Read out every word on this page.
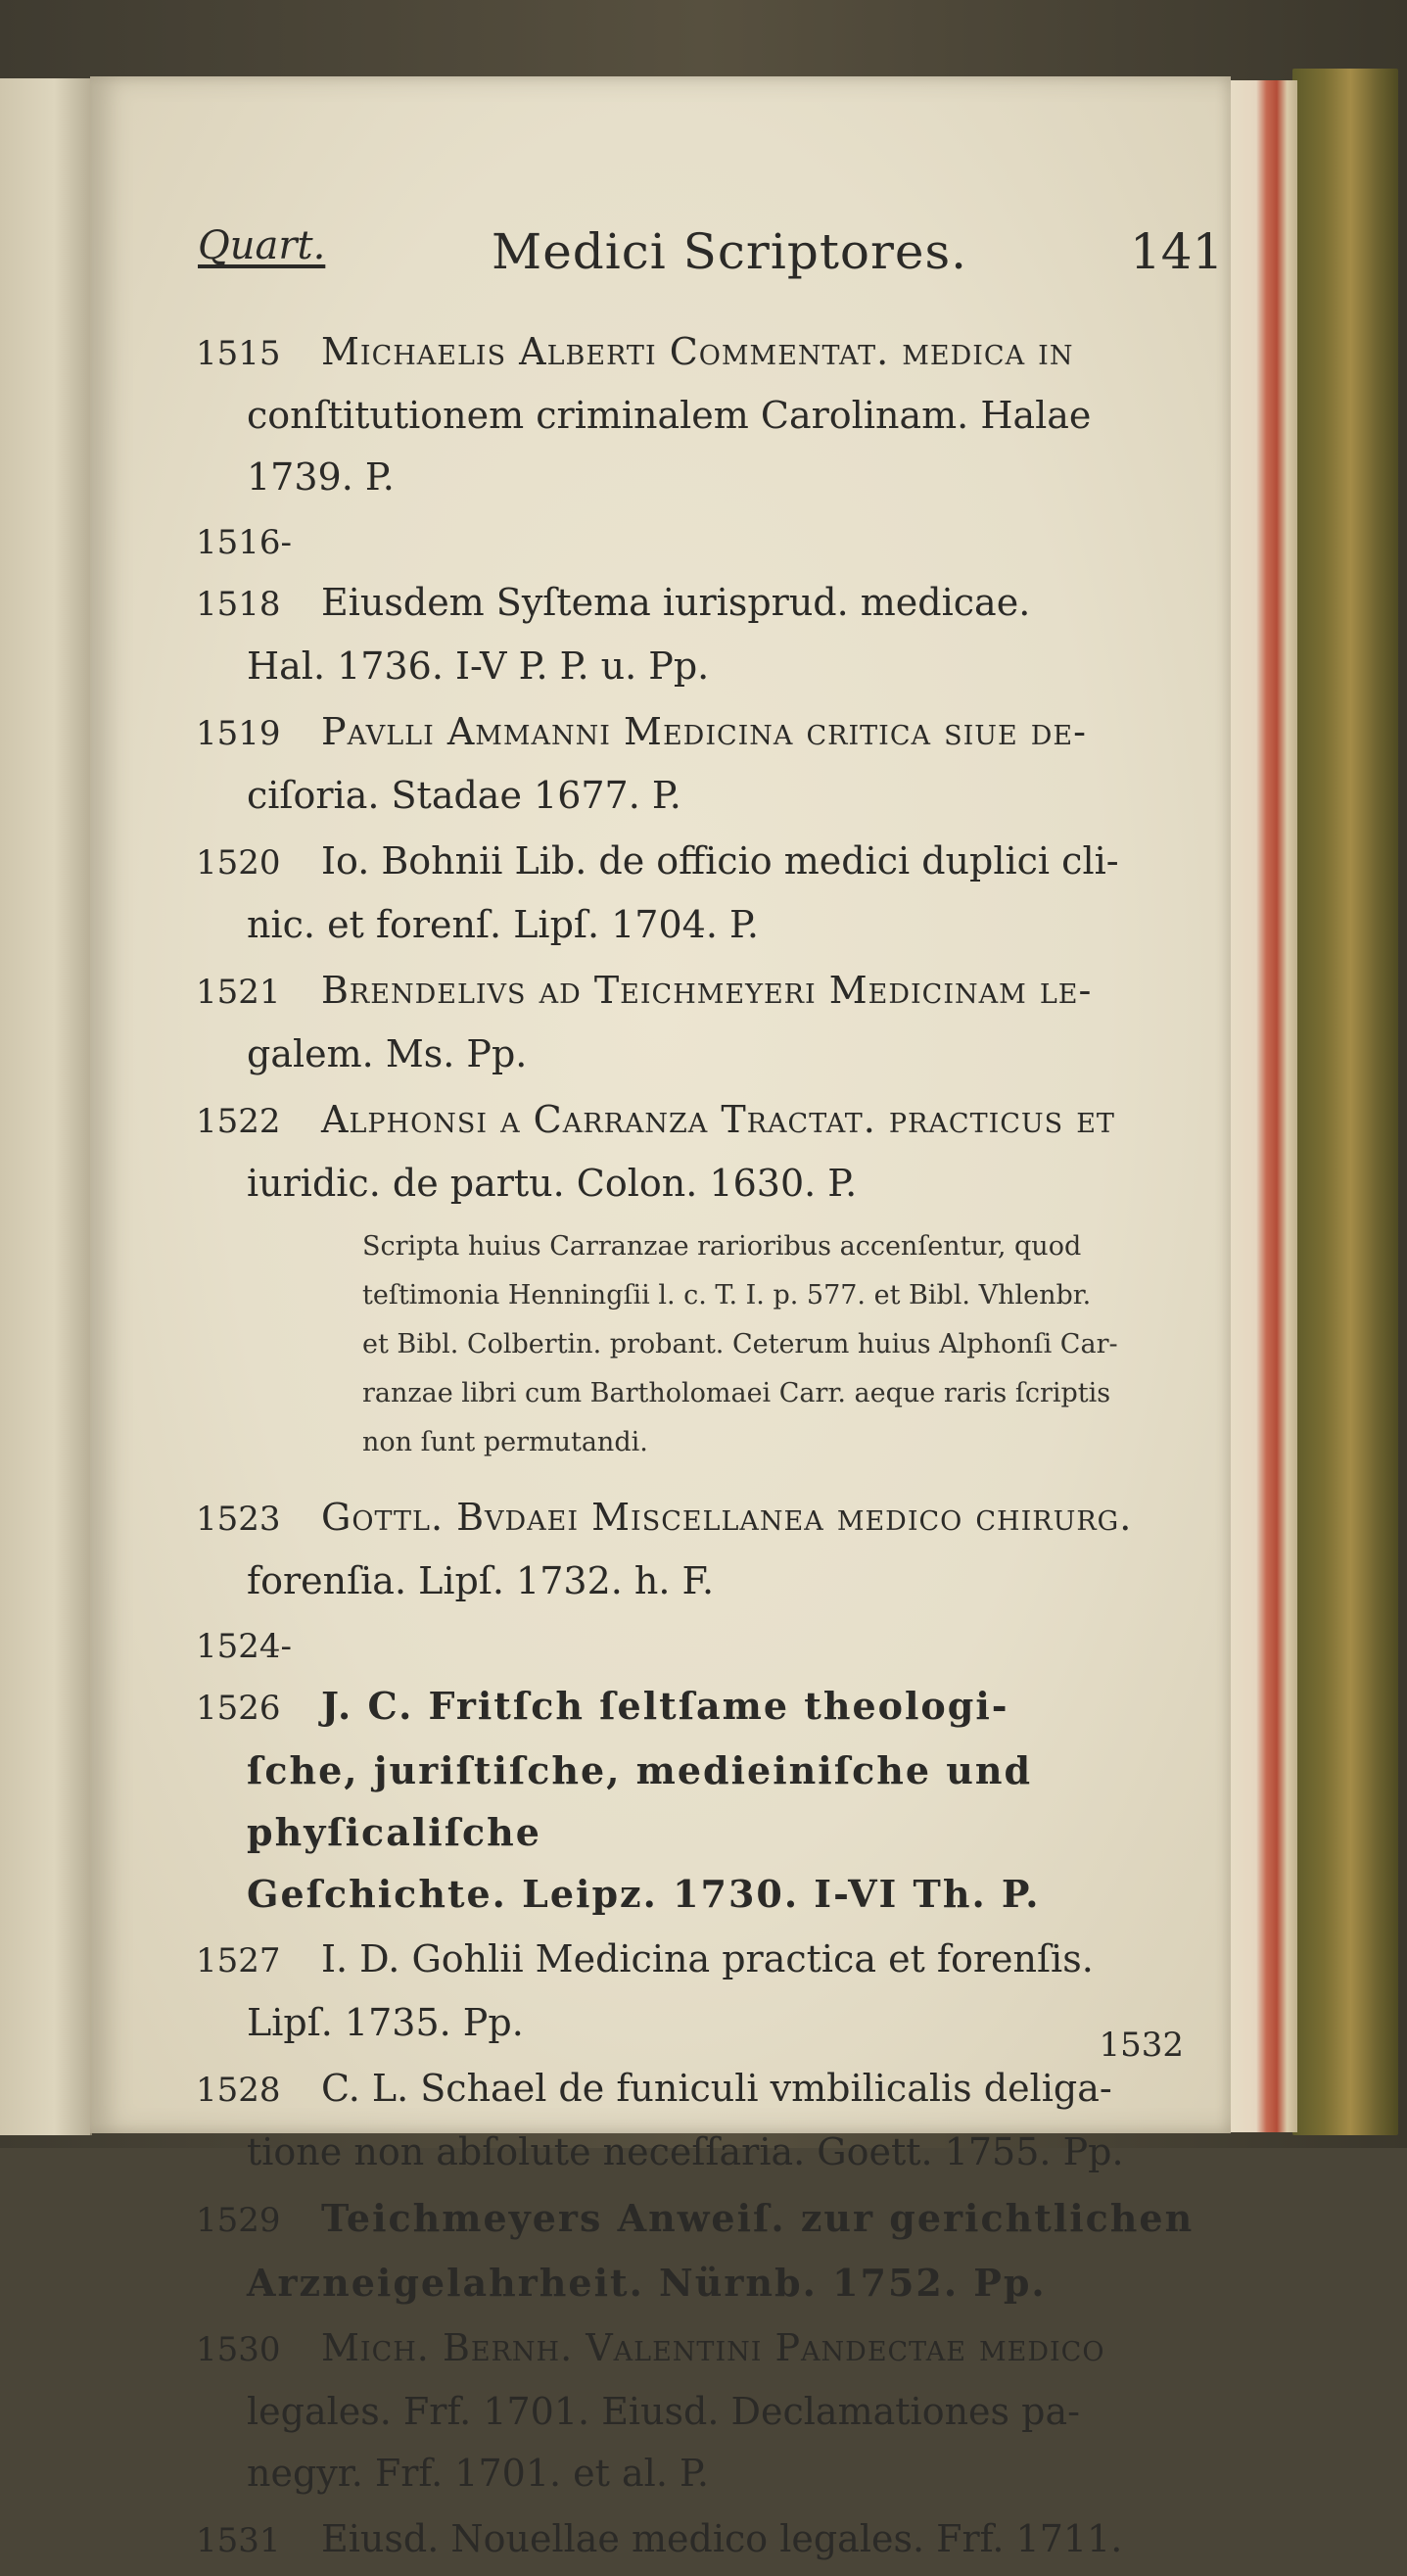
Quart.	Medici Scriptores.	141
1515 Michaelis Alberti Commentat. medica in
conſtitutionem criminalem Carolinam. Halae
1739. P.
1516-1518 Eiusdem Syſtema iurisprud. medicae.
Hal. 1736. I-V P. P. u. Pp.
1519 Pavlli Ammanni Medicina critica ſiue de-
ciſoria. Stadae 1677. P.
1520 Io. Bohnii Lib. de officio medici duplici cli-
nic. et forenſ. Lipſ. 1704. P.
1521 Brendelivs ad Teichmeyeri Medicinam le-
galem. Ms. Pp.
1522 Alphonsi a Carranza Tractat. practicus et
iuridic. de partu. Colon. 1630. P.
Scripta huius Carranzae rarioribus accenſentur, quod
teſtimonia Henningſii l. c. T. I. p. 577. et Bibl. Vhlenbr.
et Bibl. Colbertin. probant. Ceterum huius Alphonſi Car-
ranzae libri cum Bartholomaei Carr. aeque raris ſcriptis
non ſunt permutandi.
1523 Gottl. Bvdaei Miſcellanea medico chirurg.
forenſia. Lipſ. 1732. h. F.
1524-1526 J. C. Fritſch ſeltſame theologi-
ſche, juriſtiſche, medieiniſche und phyſicaliſche
Geſchichte. Leipz. 1730. I-VI Th. P.
1527 I. D. Gohlii Medicina practica et forenſis.
Lipſ. 1735. Pp.
1528 C. L. Schael de funiculi vmbilicalis deliga-
tione non abſolute neceſſaria. Goett. 1755. Pp.
1529 Teichmeyers Anweiſ. zur gerichtlichen
Arzneigelahrheit. Nürnb. 1752. Pp.
1530 Mich. Bernh. Valentini Pandectae medico
legales. Frf. 1701. Eiusd. Declamationes pa-
negyr. Frf. 1701. et al. P.
1531 Eiusd. Nouellae medico legales. Frf. 1711.
1532
